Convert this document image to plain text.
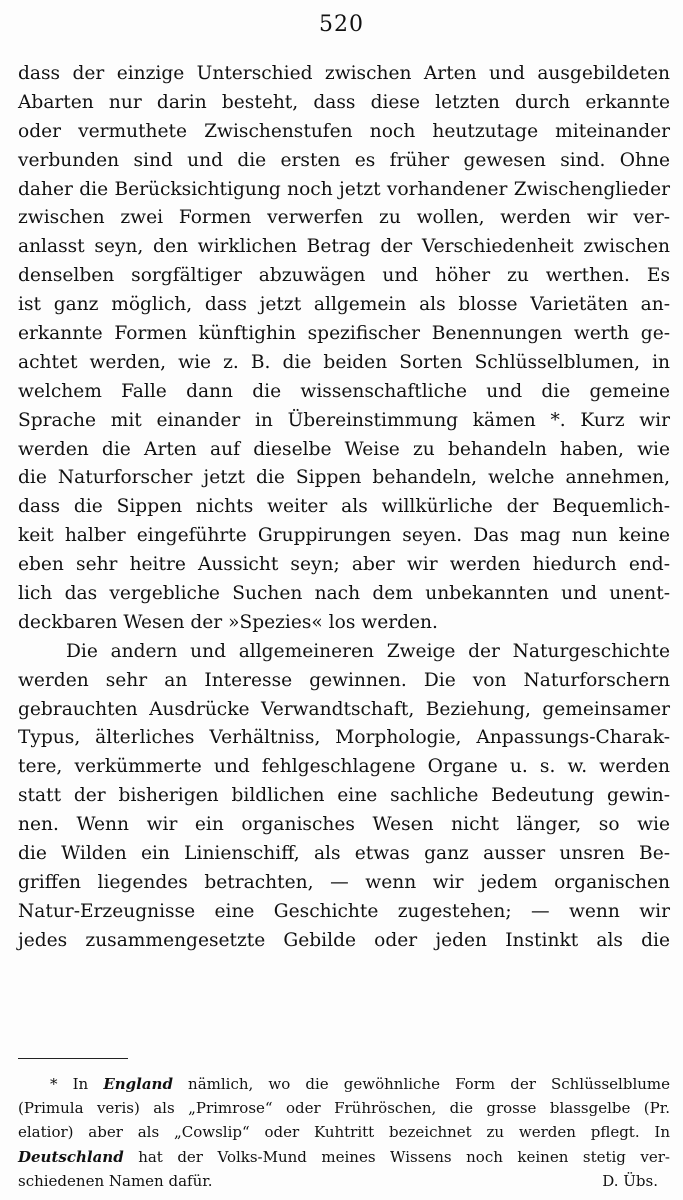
520
dass der einzige Unterschied zwischen Arten und ausgebildeten
Abarten nur darin besteht, dass diese letzten durch erkannte
oder vermuthete Zwischenstufen noch heutzutage miteinander
verbunden sind und die ersten es früher gewesen sind. Ohne
daher die Berücksichtigung noch jetzt vorhandener Zwischenglieder
zwischen zwei Formen verwerfen zu wollen, werden wir ver-
anlasst seyn, den wirklichen Betrag der Verschiedenheit zwischen
denselben sorgfältiger abzuwägen und höher zu werthen. Es
ist ganz möglich, dass jetzt allgemein als blosse Varietäten an-
erkannte Formen künftighin spezifischer Benennungen werth ge-
achtet werden, wie z. B. die beiden Sorten Schlüsselblumen, in
welchem Falle dann die wissenschaftliche und die gemeine
Sprache mit einander in Übereinstimmung kämen *. Kurz wir
werden die Arten auf dieselbe Weise zu behandeln haben, wie
die Naturforscher jetzt die Sippen behandeln, welche annehmen,
dass die Sippen nichts weiter als willkürliche der Bequemlich-
keit halber eingeführte Gruppirungen seyen. Das mag nun keine
eben sehr heitre Aussicht seyn; aber wir werden hiedurch end-
lich das vergebliche Suchen nach dem unbekannten und unent-
deckbaren Wesen der »Spezies« los werden.
Die andern und allgemeineren Zweige der Naturgeschichte
werden sehr an Interesse gewinnen. Die von Naturforschern
gebrauchten Ausdrücke Verwandtschaft, Beziehung, gemeinsamer
Typus, älterliches Verhältniss, Morphologie, Anpassungs-Charak-
tere, verkümmerte und fehlgeschlagene Organe u. s. w. werden
statt der bisherigen bildlichen eine sachliche Bedeutung gewin-
nen. Wenn wir ein organisches Wesen nicht länger, so wie
die Wilden ein Linienschiff, als etwas ganz ausser unsren Be-
griffen liegendes betrachten, — wenn wir jedem organischen
Natur-Erzeugnisse eine Geschichte zugestehen; — wenn wir
jedes zusammengesetzte Gebilde oder jeden Instinkt als die
* In England nämlich, wo die gewöhnliche Form der Schlüsselblume
(Primula veris) als „Primrose“ oder Frühröschen, die grosse blassgelbe (Pr.
elatior) aber als „Cowslip“ oder Kuhtritt bezeichnet zu werden pflegt. In
Deutschland hat der Volks-Mund meines Wissens noch keinen stetig ver-
schiedenen Namen dafür.	D. Übs.
